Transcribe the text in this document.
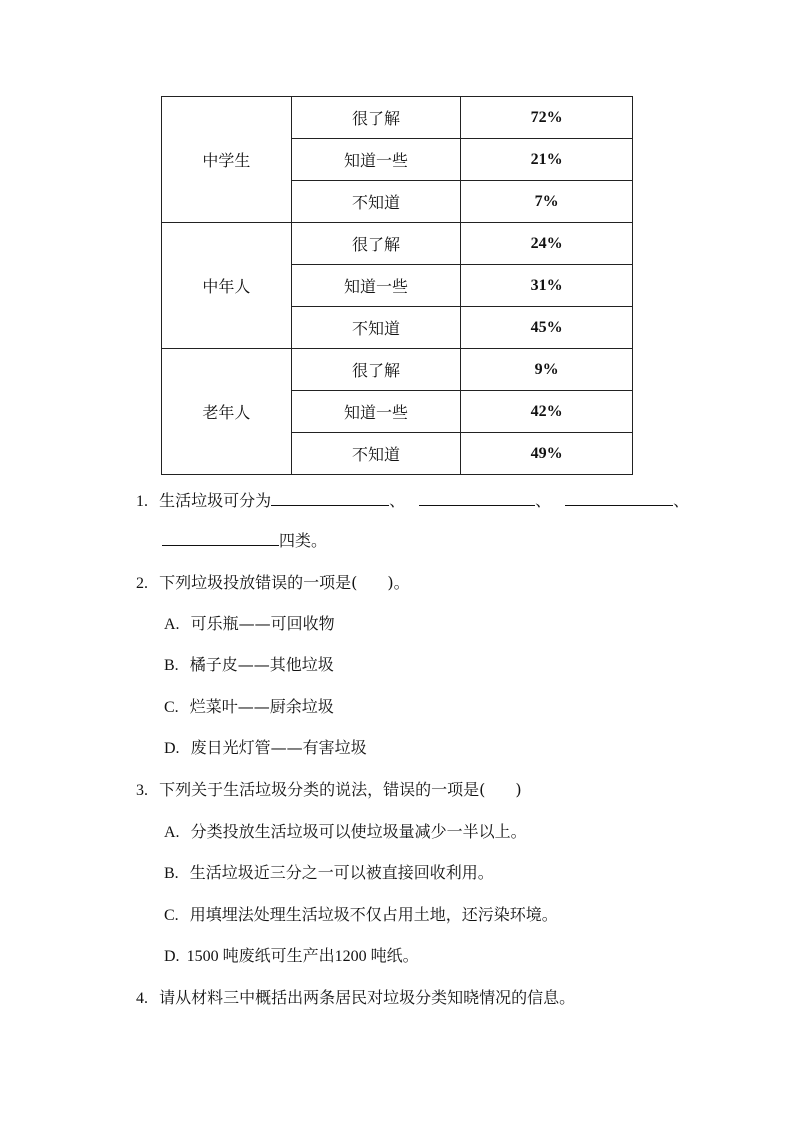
中学生	很了解	72%
	知道一些	21%
	不知道	7%
中年人	很了解	24%
	知道一些	31%
	不知道	45%
老年人	很了解	9%
	知道一些	42%
	不知道	49%
1. 生活垃圾可分为	、	、	、
四类。
2. 下列垃圾投放错误的一项是( )。
A. 可乐瓶——可回收物
B. 橘子皮——其他垃圾
C. 烂菜叶——厨余垃圾
D. 废日光灯管——有害垃圾
3. 下列关于生活垃圾分类的说法，错误的一项是( )
A. 分类投放生活垃圾可以使垃圾量减少一半以上。
B. 生活垃圾近三分之一可以被直接回收利用。
C. 用填埋法处理生活垃圾不仅占用土地，还污染环境。
D. 1500 吨废纸可生产出1200 吨纸。
4. 请从材料三中概括出两条居民对垃圾分类知晓情况的信息。
